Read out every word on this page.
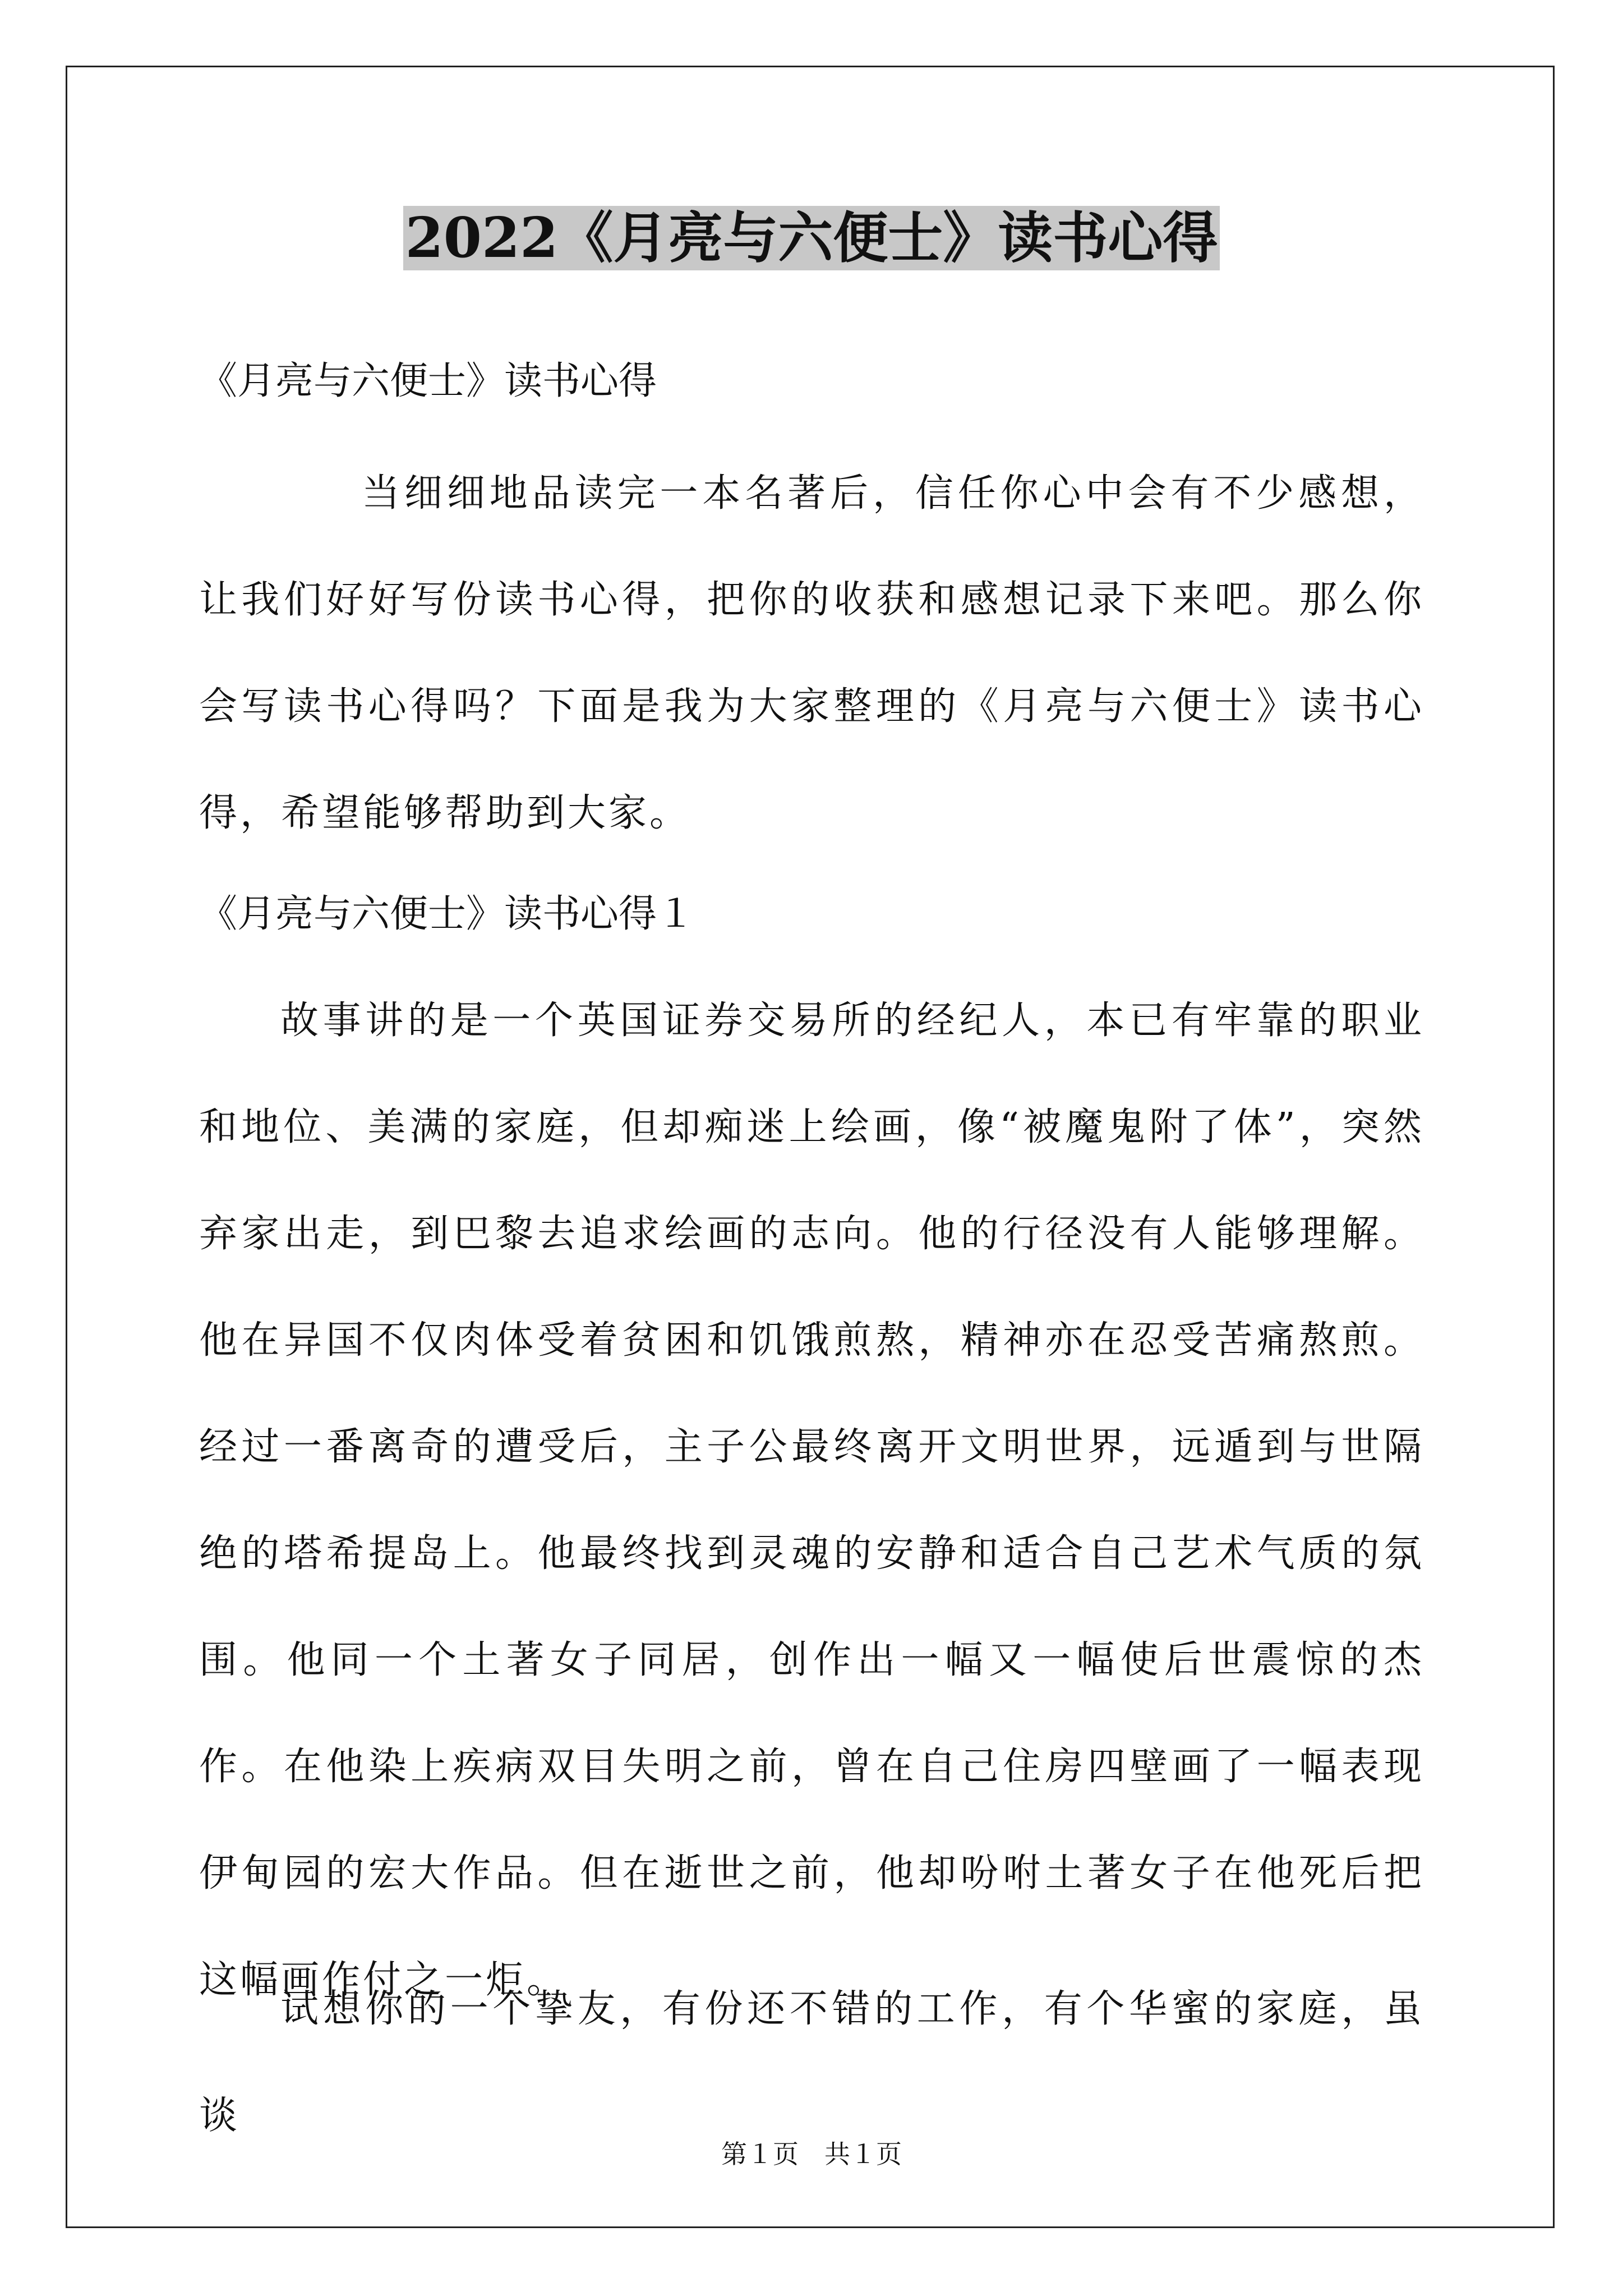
2022《月亮与六便士》读书心得

《月亮与六便士》读书心得

当细细地品读完一本名著后，信任你心中会有不少感想，让我们好好写份读书心得，把你的收获和感想记录下来吧。那么你会写读书心得吗？下面是我为大家整理的《月亮与六便士》读书心得，希望能够帮助到大家。

《月亮与六便士》读书心得１

故事讲的是一个英国证券交易所的经纪人，本已有牢靠的职业和地位、美满的家庭，但却痴迷上绘画，像“被魔鬼附了体”，突然弃家出走，到巴黎去追求绘画的志向。他的行径没有人能够理解。他在异国不仅肉体受着贫困和饥饿煎熬，精神亦在忍受苦痛熬煎。经过一番离奇的遭受后，主子公最终离开文明世界，远遁到与世隔绝的塔希提岛上。他最终找到灵魂的安静和适合自己艺术气质的氛围。他同一个土著女子同居，创作出一幅又一幅使后世震惊的杰作。在他染上疾病双目失明之前，曾在自己住房四壁画了一幅表现伊甸园的宏大作品。但在逝世之前，他却吩咐土著女子在他死后把这幅画作付之一炬。

试想你的一个挚友，有份还不错的工作，有个华蜜的家庭，虽谈

第１页　共１页
